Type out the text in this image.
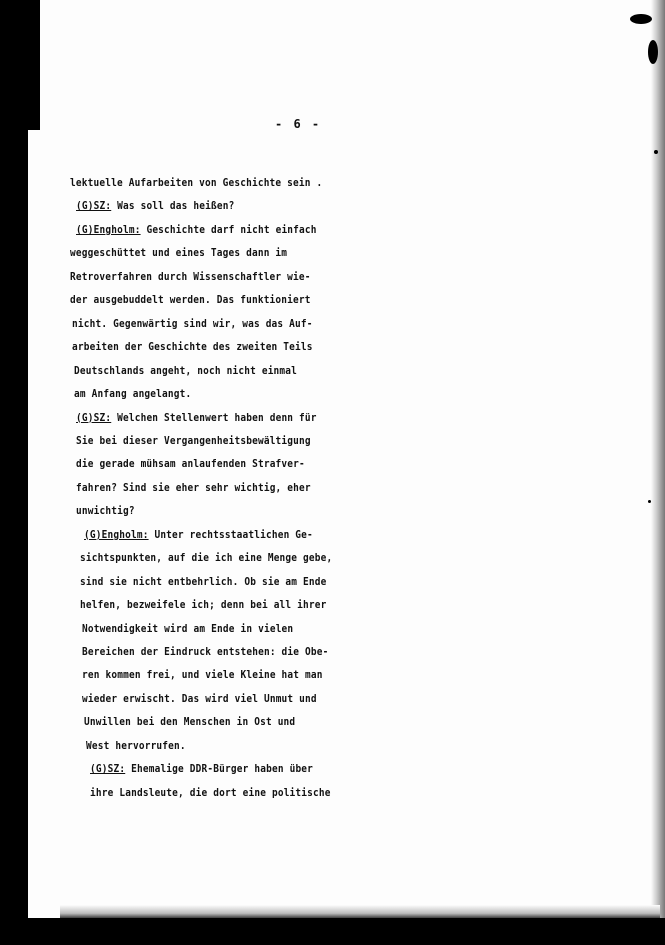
- 6 -
lektuelle Aufarbeiten von Geschichte sein .
(G)SZ: Was soll das heißen?
(G)Engholm: Geschichte darf nicht einfach
weggeschüttet und eines Tages dann im
Retroverfahren durch Wissenschaftler wie-
der ausgebuddelt werden. Das funktioniert
nicht. Gegenwärtig sind wir, was das Auf-
arbeiten der Geschichte des zweiten Teils
Deutschlands angeht, noch nicht einmal
am Anfang angelangt.
(G)SZ: Welchen Stellenwert haben denn für
Sie bei dieser Vergangenheitsbewältigung
die gerade mühsam anlaufenden Strafver-
fahren? Sind sie eher sehr wichtig, eher
unwichtig?
(G)Engholm: Unter rechtsstaatlichen Ge-
sichtspunkten, auf die ich eine Menge gebe,
sind sie nicht entbehrlich. Ob sie am Ende
helfen, bezweifele ich; denn bei all ihrer
Notwendigkeit wird am Ende in vielen
Bereichen der Eindruck entstehen: die Obe-
ren kommen frei, und viele Kleine hat man
wieder erwischt. Das wird viel Unmut und
Unwillen bei den Menschen in Ost und
West hervorrufen.
(G)SZ: Ehemalige DDR-Bürger haben über
ihre Landsleute, die dort eine politische
